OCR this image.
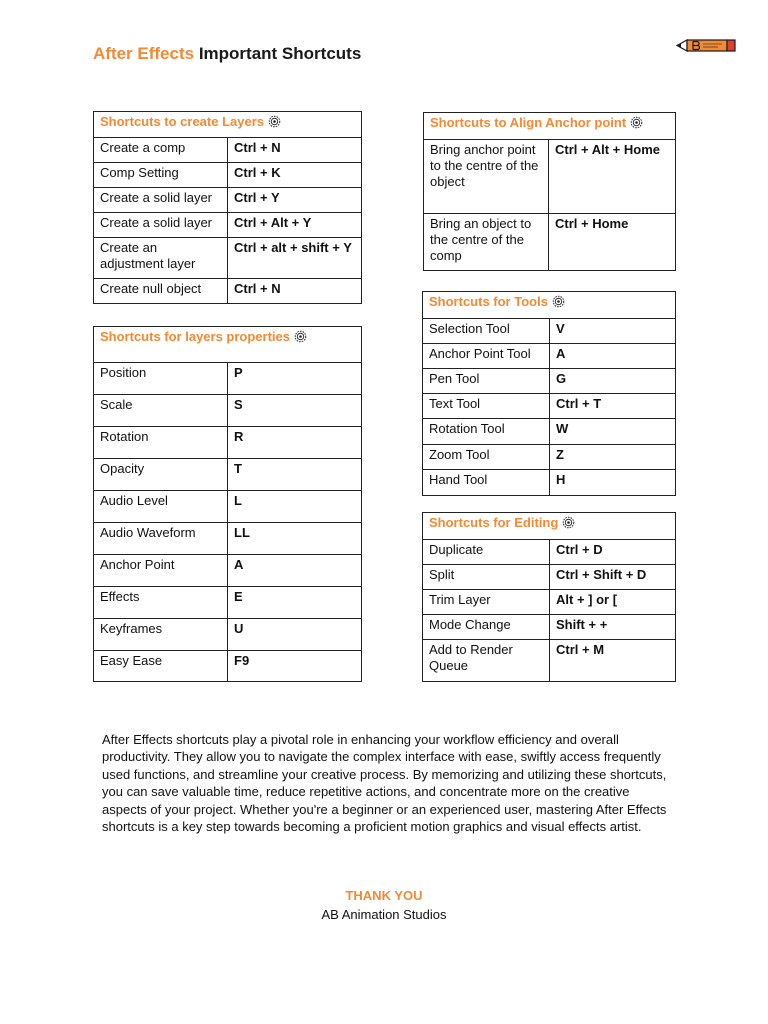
After Effects Important Shortcuts
Shortcuts to create Layers	
Create a comp	Ctrl + N
Comp Setting	Ctrl + K
Create a solid layer	Ctrl + Y
Create a solid layer	Ctrl + Alt + Y
Create an adjustment layer	Ctrl + alt + shift + Y
Create null object	Ctrl + N
Shortcuts for layers properties	
Position	P
Scale	S
Rotation	R
Opacity	T
Audio Level	L
Audio Waveform	LL
Anchor Point	A
Effects	E
Keyframes	U
Easy Ease	F9
Shortcuts to Align Anchor point	
Bring anchor point to the centre of the object	Ctrl + Alt + Home
Bring an object to the centre of the comp	Ctrl + Home
Shortcuts for Tools	
Selection Tool	V
Anchor Point Tool	A
Pen Tool	G
Text Tool	Ctrl + T
Rotation Tool	W
Zoom Tool	Z
Hand Tool	H
Shortcuts for Editing	
Duplicate	Ctrl + D
Split	Ctrl + Shift + D
Trim Layer	Alt + ] or [
Mode Change	Shift + +
Add to Render Queue	Ctrl + M

After Effects shortcuts play a pivotal role in enhancing your workflow efficiency and overall productivity. They allow you to navigate the complex interface with ease, swiftly access frequently used functions, and streamline your creative process. By memorizing and utilizing these shortcuts, you can save valuable time, reduce repetitive actions, and concentrate more on the creative aspects of your project. Whether you're a beginner or an experienced user, mastering After Effects shortcuts is a key step towards becoming a proficient motion graphics and visual effects artist.

THANK YOU
AB Animation Studios
